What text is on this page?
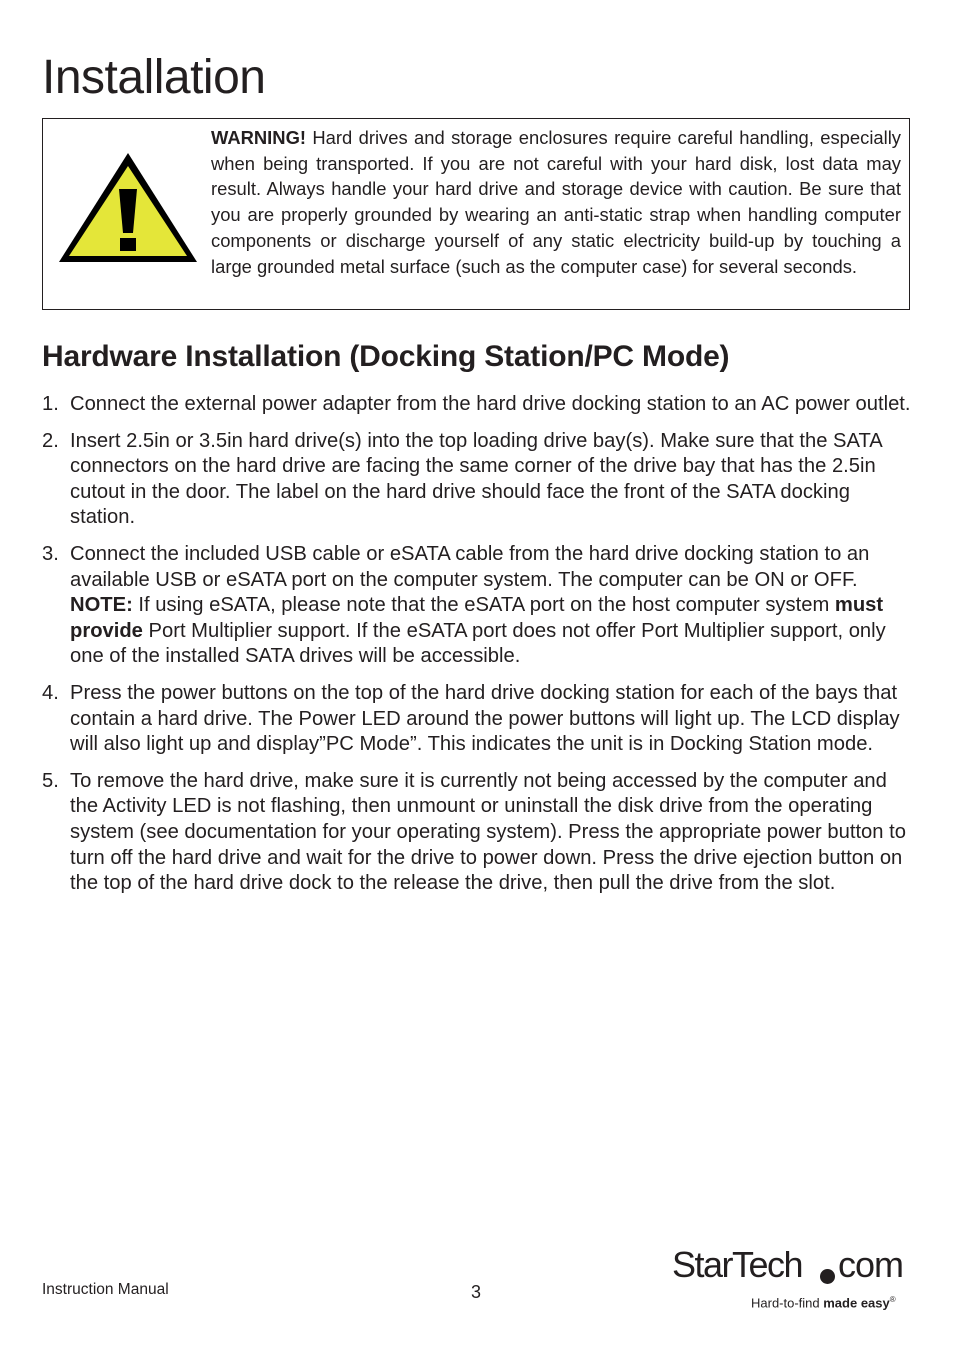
Installation

WARNING! Hard drives and storage enclosures require careful handling, especially when being transported. If you are not careful with your hard disk, lost data may result. Always handle your hard drive and storage device with caution. Be sure that you are properly grounded by wearing an anti-static strap when handling computer components or discharge yourself of any static electricity build-up by touching a large grounded metal surface (such as the computer case) for several seconds.

Hardware Installation (Docking Station/PC Mode)
1. Connect the external power adapter from the hard drive docking station to an AC power outlet.
2. Insert 2.5in or 3.5in hard drive(s) into the top loading drive bay(s). Make sure that the SATA connectors on the hard drive are facing the same corner of the drive bay that has the 2.5in cutout in the door. The label on the hard drive should face the front of the SATA docking station.
3. Connect the included USB cable or eSATA cable from the hard drive docking station to an available USB or eSATA port on the computer system. The computer can be ON or OFF.
NOTE: If using eSATA, please note that the eSATA port on the host computer system must provide Port Multiplier support. If the eSATA port does not offer Port Multiplier support, only one of the installed SATA drives will be accessible.
4. Press the power buttons on the top of the hard drive docking station for each of the bays that contain a hard drive. The Power LED around the power buttons will light up. The LCD display will also light up and display”PC Mode”. This indicates the unit is in Docking Station mode.
5. To remove the hard drive, make sure it is currently not being accessed by the computer and the Activity LED is not flashing, then unmount or uninstall the disk drive from the operating system (see documentation for your operating system). Press the appropriate power button to turn off the hard drive and wait for the drive to power down. Press the drive ejection button on the top of the hard drive dock to the release the drive, then pull the drive from the slot.
Instruction Manual	3
StarTech com
Hard-to-find made easy®
